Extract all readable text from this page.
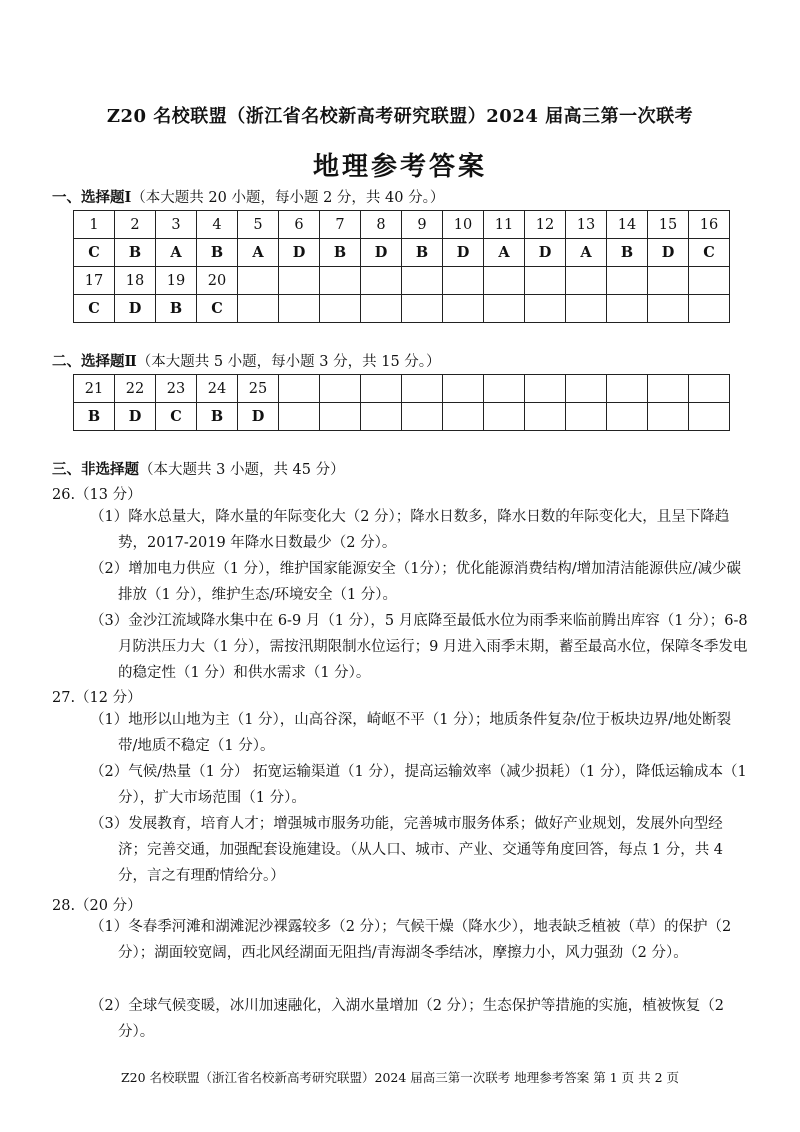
Z20 名校联盟（浙江省名校新高考研究联盟）2024 届高三第一次联考
地理参考答案
一、选择题Ⅰ（本大题共 20 小题，每小题 2 分，共 40 分。）
1	2	3	4	5	6	7	8	9	10	11	12	13	14	15	16
C	B	A	B	A	D	B	D	B	D	A	D	A	B	D	C
17	18	19	20												
C	D	B	C												
二、选择题Ⅱ（本大题共 5 小题，每小题 3 分，共 15 分。）
21	22	23	24	25											
B	D	C	B	D											
三、非选择题（本大题共 3 小题，共 45 分）
26.（13 分）
（1）降水总量大，降水量的年际变化大（2 分）；降水日数多，降水日数的年际变化大，且呈下降趋势，2017-2019 年降水日数最少（2 分）。
（2）增加电力供应（1 分），维护国家能源安全（1分）；优化能源消费结构/增加清洁能源供应/减少碳排放（1 分），维护生态/环境安全（1 分）。
（3）金沙江流域降水集中在 6-9 月（1 分），5 月底降至最低水位为雨季来临前腾出库容（1 分）；6-8 月防洪压力大（1 分），需按汛期限制水位运行；9 月进入雨季末期，蓄至最高水位，保障冬季发电的稳定性（1 分）和供水需求（1 分）。
27.（12 分）
（1）地形以山地为主（1 分），山高谷深，崎岖不平（1 分）；地质条件复杂/位于板块边界/地处断裂带/地质不稳定（1 分）。
（2）气候/热量（1 分） 拓宽运输渠道（1 分），提高运输效率（减少损耗）（1 分），降低运输成本（1 分），扩大市场范围（1 分）。
（3）发展教育，培育人才；增强城市服务功能，完善城市服务体系；做好产业规划，发展外向型经济；完善交通，加强配套设施建设。（从人口、城市、产业、交通等角度回答，每点 1 分，共 4 分，言之有理酌情给分。）
28.（20 分）
（1）冬春季河滩和湖滩泥沙裸露较多（2 分）；气候干燥（降水少），地表缺乏植被（草）的保护（2 分）；湖面较宽阔，西北风经湖面无阻挡/青海湖冬季结冰，摩擦力小，风力强劲（2 分）。
（2）全球气候变暖，冰川加速融化，入湖水量增加（2 分）；生态保护等措施的实施，植被恢复（2 分）。
Z20 名校联盟（浙江省名校新高考研究联盟）2024 届高三第一次联考 地理参考答案 第 1 页 共 2 页
